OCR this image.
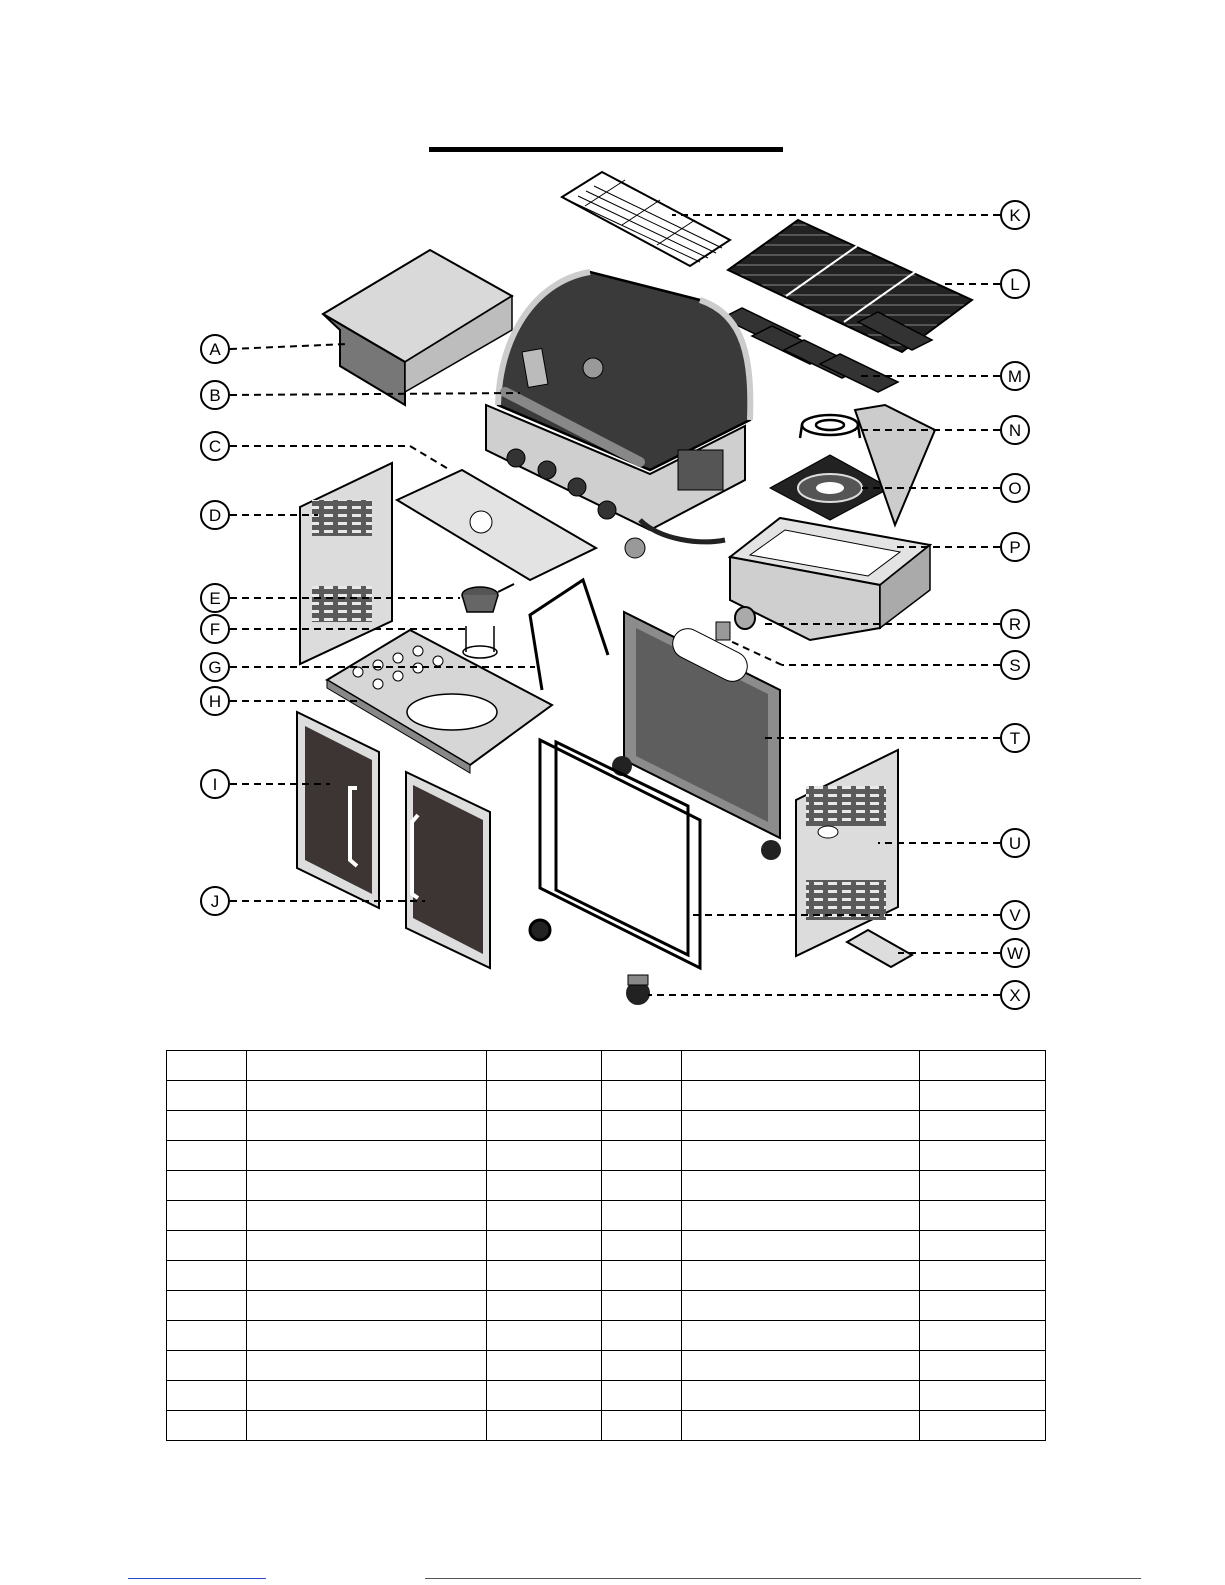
A
B
C
D
E
F
G
H
I
J
K
L
M
N
O
P
R
S
T
U
V
W
X
